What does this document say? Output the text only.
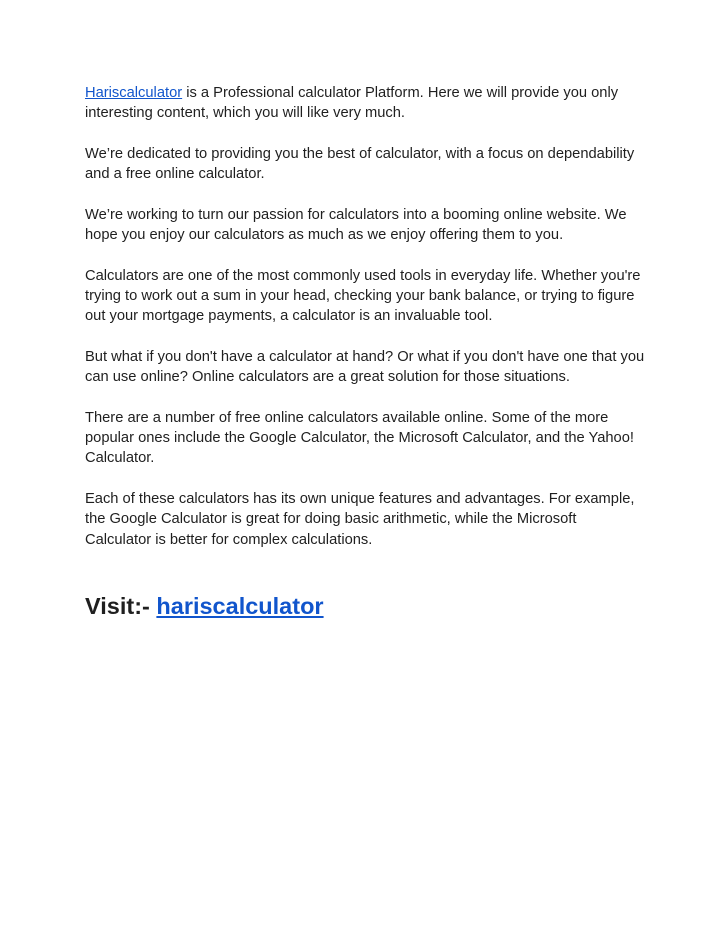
Hariscalculator is a Professional calculator Platform. Here we will provide you only interesting content, which you will like very much.

We’re dedicated to providing you the best of calculator, with a focus on dependability and a free online calculator.

We’re working to turn our passion for calculators into a booming online website. We hope you enjoy our calculators as much as we enjoy offering them to you.

Calculators are one of the most commonly used tools in everyday life. Whether you're trying to work out a sum in your head, checking your bank balance, or trying to figure out your mortgage payments, a calculator is an invaluable tool.

But what if you don't have a calculator at hand? Or what if you don't have one that you can use online? Online calculators are a great solution for those situations.

There are a number of free online calculators available online. Some of the more popular ones include the Google Calculator, the Microsoft Calculator, and the Yahoo! Calculator.

Each of these calculators has its own unique features and advantages. For example, the Google Calculator is great for doing basic arithmetic, while the Microsoft Calculator is better for complex calculations.

Visit:- hariscalculator
